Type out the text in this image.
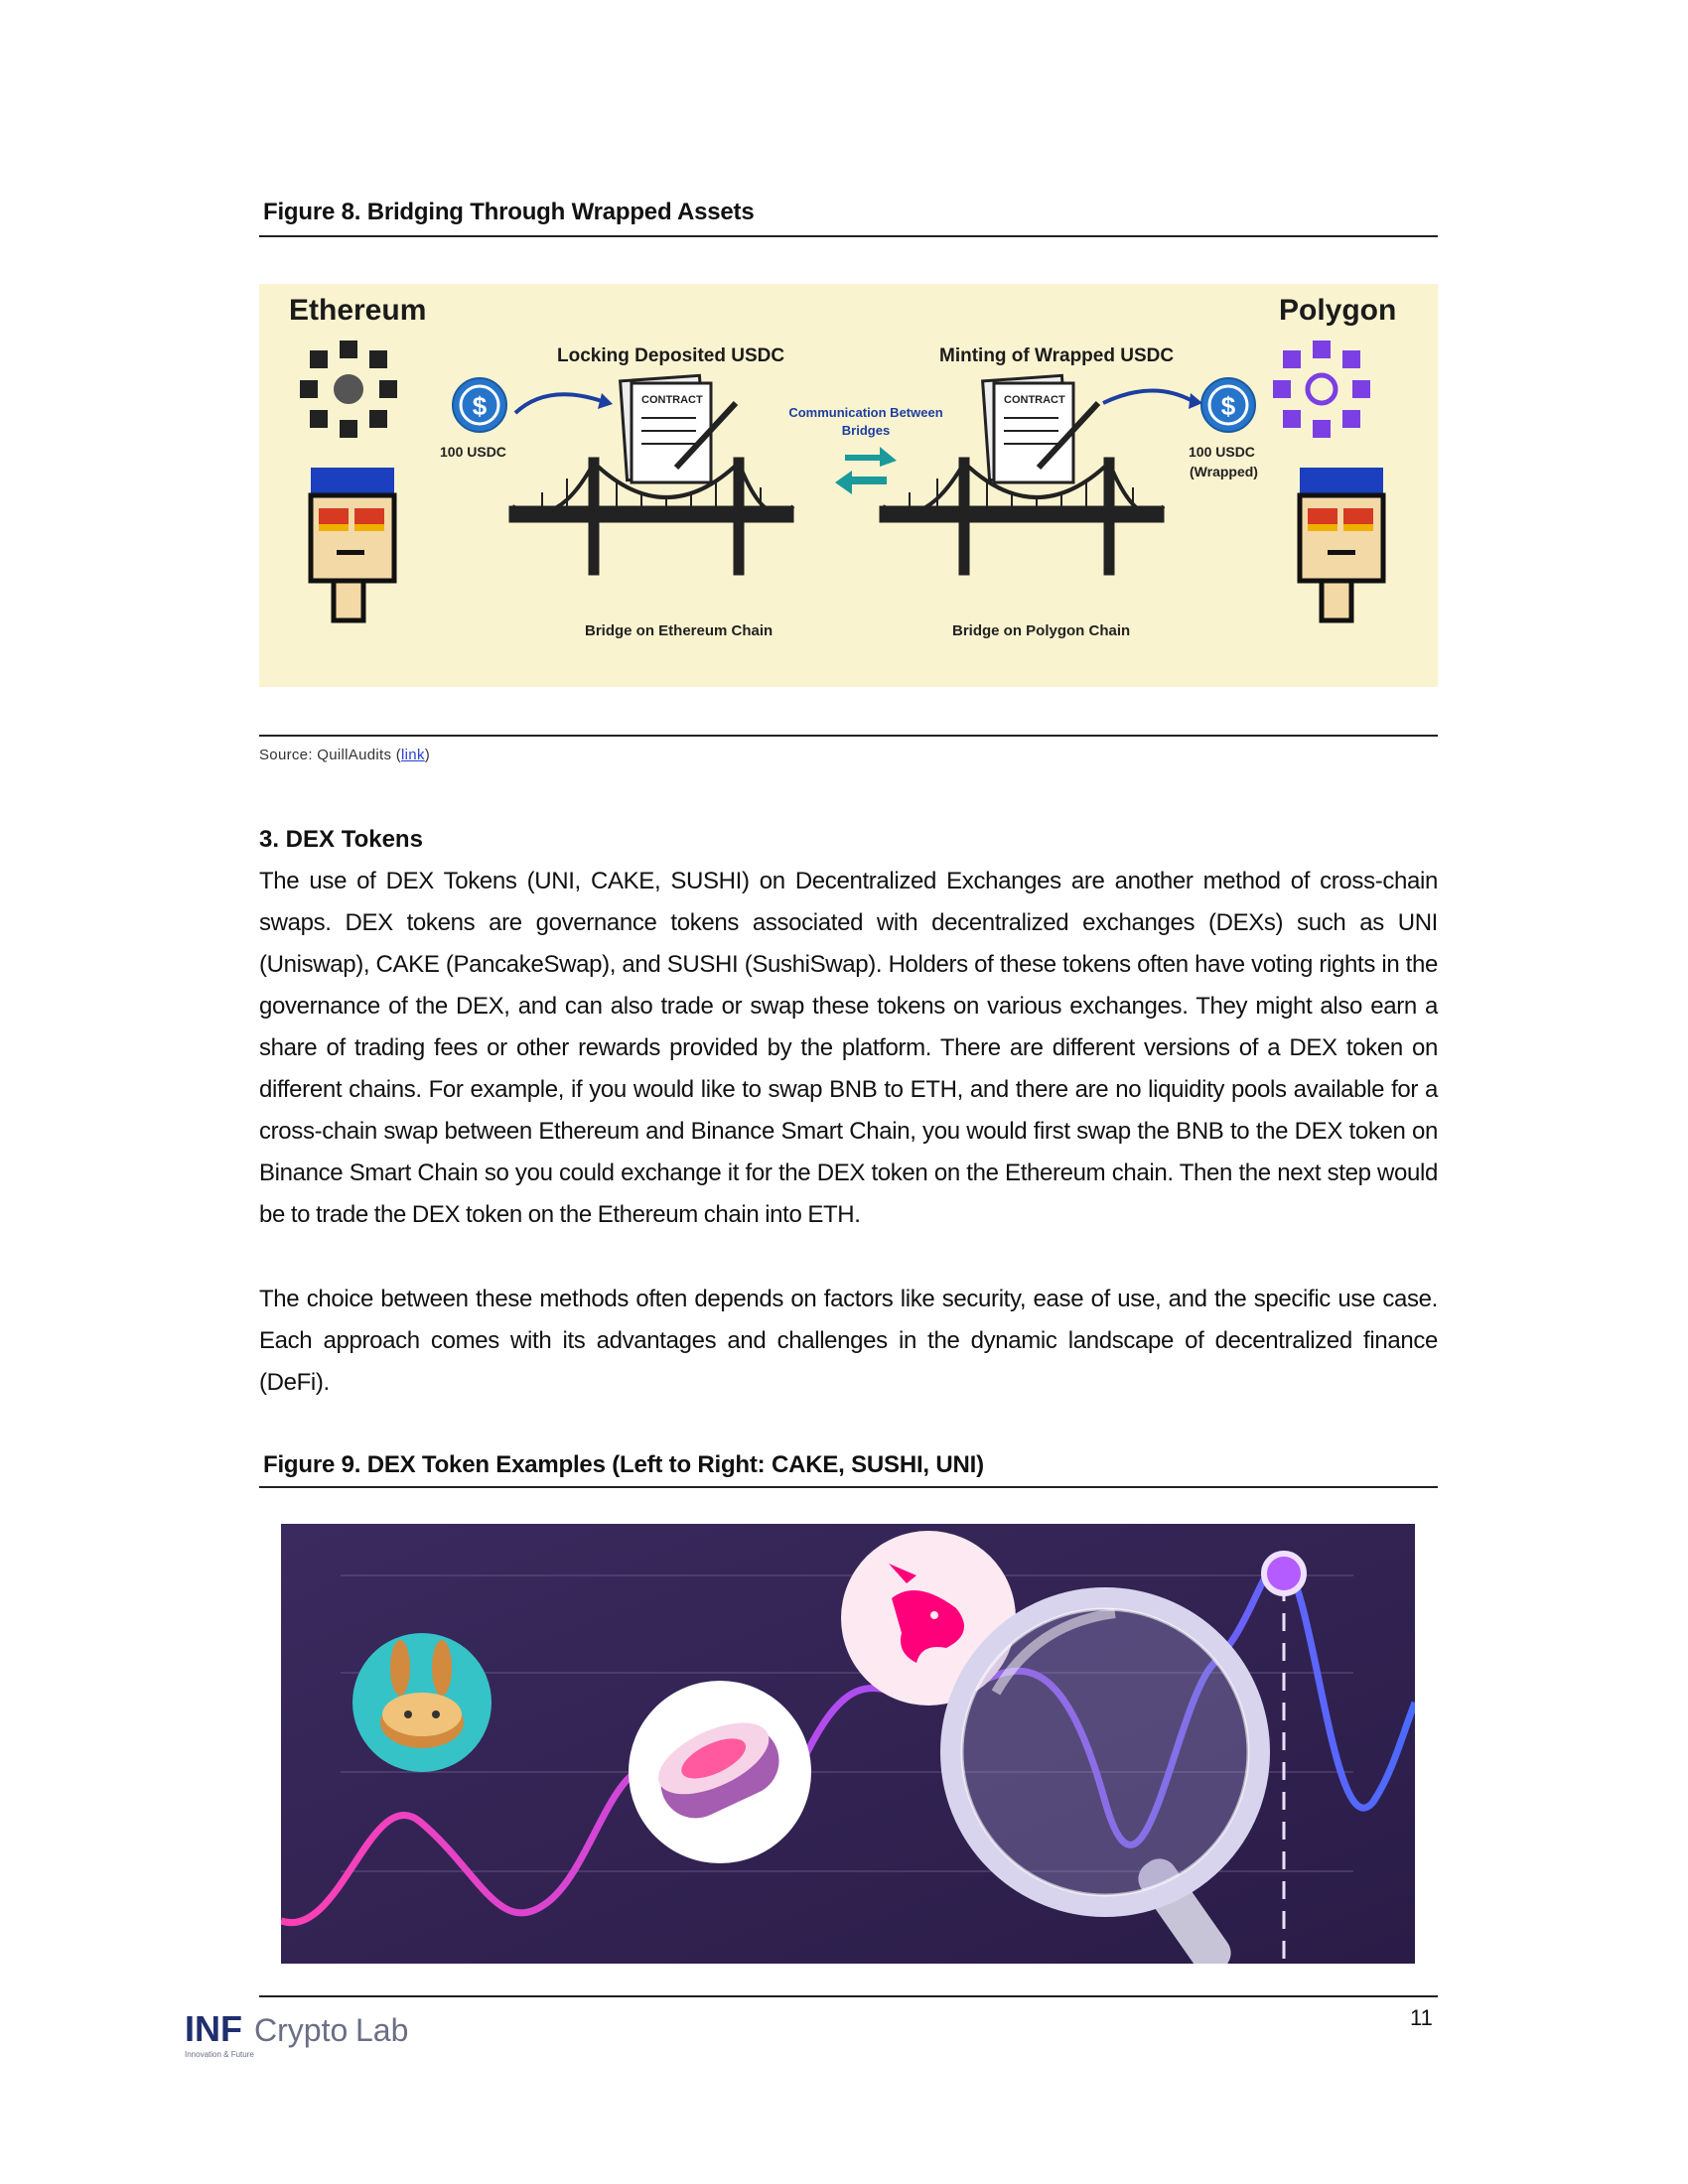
Figure 8. Bridging Through Wrapped Assets
Ethereum	Polygon
Locking Deposited USDC	Minting of Wrapped USDC
$
100 USDC
$
100 USDC
(Wrapped)
CONTRACT	CONTRACT
Communication Between
Bridges
Bridge on Ethereum Chain	Bridge on Polygon Chain
Source: QuillAudits (link)
3. DEX Tokens
The use of DEX Tokens (UNI, CAKE, SUSHI) on Decentralized Exchanges are another method of cross-chain swaps. DEX tokens are governance tokens associated with decentralized exchanges (DEXs) such as UNI (Uniswap), CAKE (PancakeSwap), and SUSHI (SushiSwap). Holders of these tokens often have voting rights in the governance of the DEX, and can also trade or swap these tokens on various exchanges. They might also earn a share of trading fees or other rewards provided by the platform. There are different versions of a DEX token on different chains. For example, if you would like to swap BNB to ETH, and there are no liquidity pools available for a cross-chain swap between Ethereum and Binance Smart Chain, you would first swap the BNB to the DEX token on Binance Smart Chain so you could exchange it for the DEX token on the Ethereum chain. Then the next step would be to trade the DEX token on the Ethereum chain into ETH.
The choice between these methods often depends on factors like security, ease of use, and the specific use case. Each approach comes with its advantages and challenges in the dynamic landscape of decentralized finance (DeFi).
Figure 9. DEX Token Examples (Left to Right: CAKE, SUSHI, UNI)
INF Crypto Lab
Innovation & Future
11
